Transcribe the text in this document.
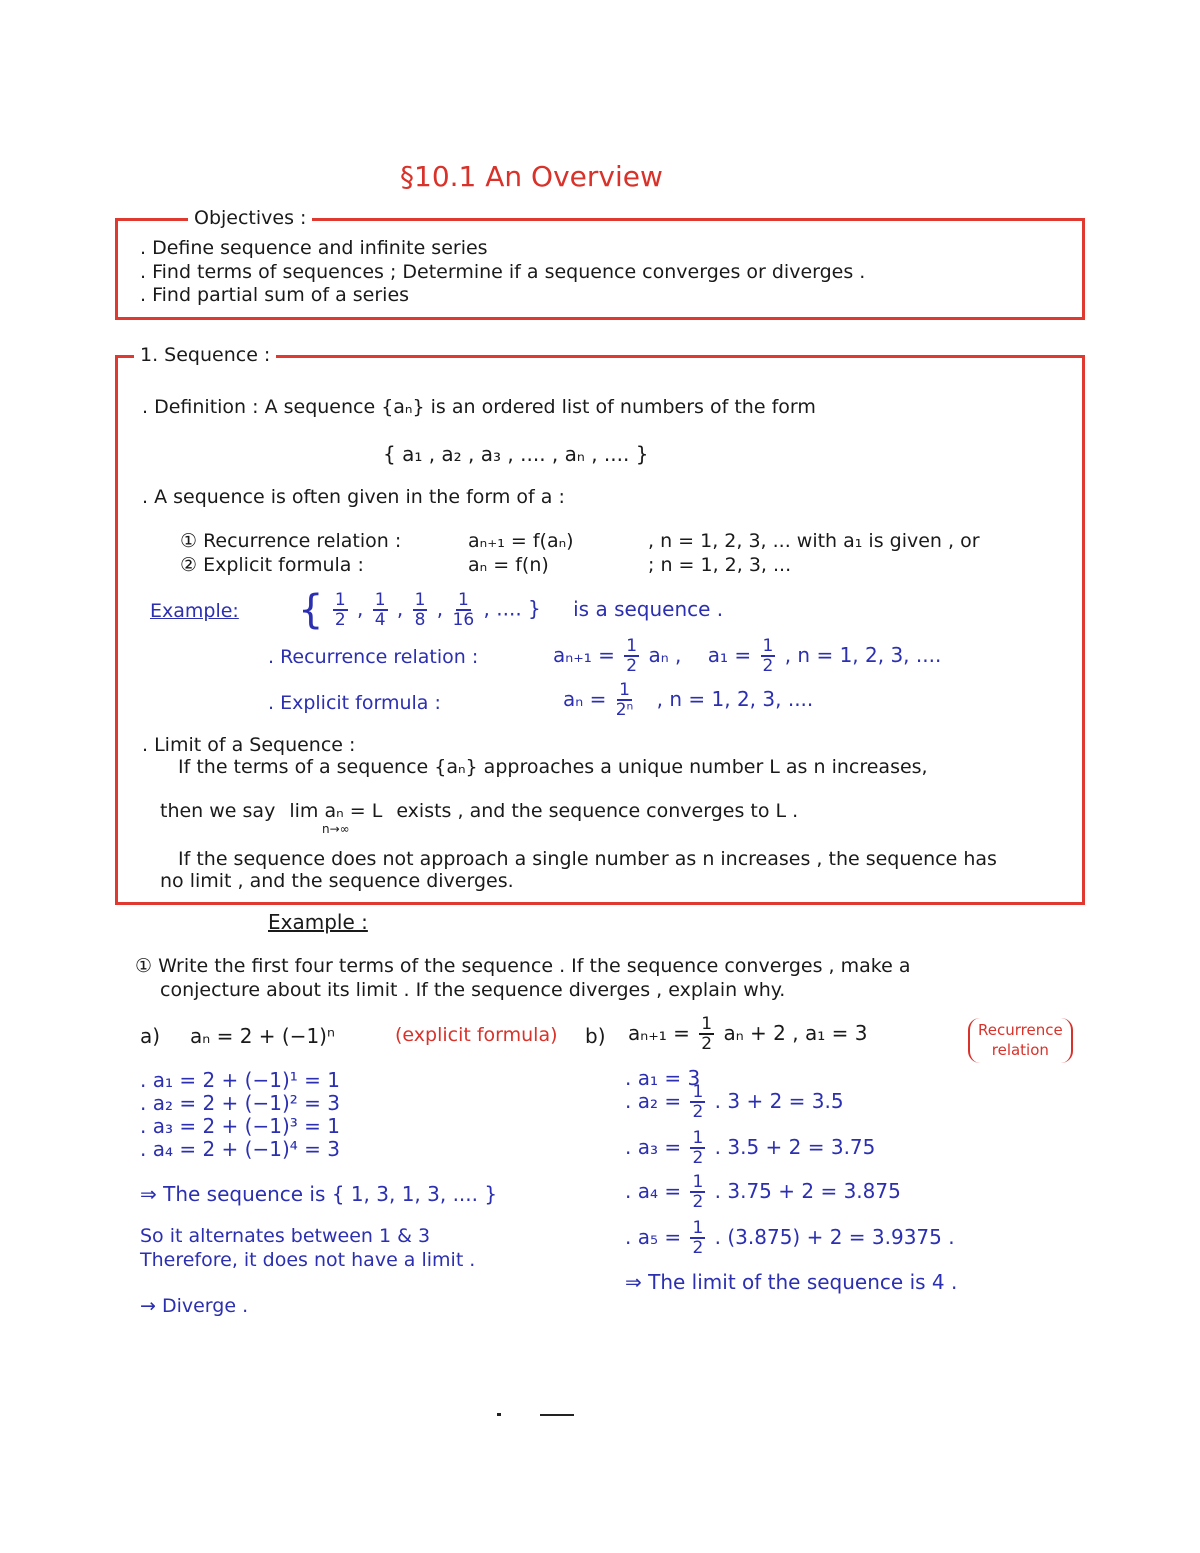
§10.1 An Overview
Objectives :
. Define sequence and infinite series
. Find terms of sequences ; Determine if a sequence converges or diverges .
. Find partial sum of a series
1. Sequence :
. Definition : A sequence {aₙ} is an ordered list of numbers of the form
{ a₁ , a₂ , a₃ , .... , aₙ , .... }
. A sequence is often given in the form of a :
① Recurrence relation :	aₙ₊₁ = f(aₙ)	, n = 1, 2, 3, ... with a₁ is given , or
② Explicit formula :	aₙ = f(n)	; n = 1, 2, 3, ...
Example: { $\frac{1}{2}$ , $\frac{1}{4}$ , $\frac{1}{8}$ , $\frac{1}{16}$ , .... } is a sequence .
. Recurrence relation :	$a_{n+1} = \frac{1}{2}$ aₙ , $a_1 = \frac{1}{2}$ , n = 1, 2, 3, ....
. Explicit formula :	$a_n = \frac{1}{\text{2ⁿ}}$ , n = 1, 2, 3, ....
. Limit of a Sequence :
If the terms of a sequence {aₙ} approaches a unique number L as n increases,
then we say lim aₙ = L
n→∞
exists , and the sequence converges to L .
If the sequence does not approach a single number as n increases , the sequence has
no limit , and the sequence diverges.
Example :
① Write the first four terms of the sequence . If the sequence converges , make a
conjecture about its limit . If the sequence diverges , explain why.
a) aₙ = 2 + (−1)ⁿ	(explicit formula)
. a₁ = 2 + (−1)¹ = 1
. a₂ = 2 + (−1)² = 3
. a₃ = 2 + (−1)³ = 1
. a₄ = 2 + (−1)⁴ = 3
⇒ The sequence is { 1, 3, 1, 3, .... }
So it alternates between 1 & 3
Therefore, it does not have a limit .
→ Diverge .
b) $a_{n+1} = \frac{1}{2}$ aₙ + 2 , a₁ = 3	Recurrence
relation
. a₁ = 3
. $a_2 = \frac{1}{2}$ . 3 + 2 = 3.5
. $a_3 = \frac{1}{2}$ . 3.5 + 2 = 3.75
. $a_4 = \frac{1}{2}$ . 3.75 + 2 = 3.875
. $a_5 = \frac{1}{2}$ . (3.875) + 2 = 3.9375 .
⇒ The limit of the sequence is 4 .
